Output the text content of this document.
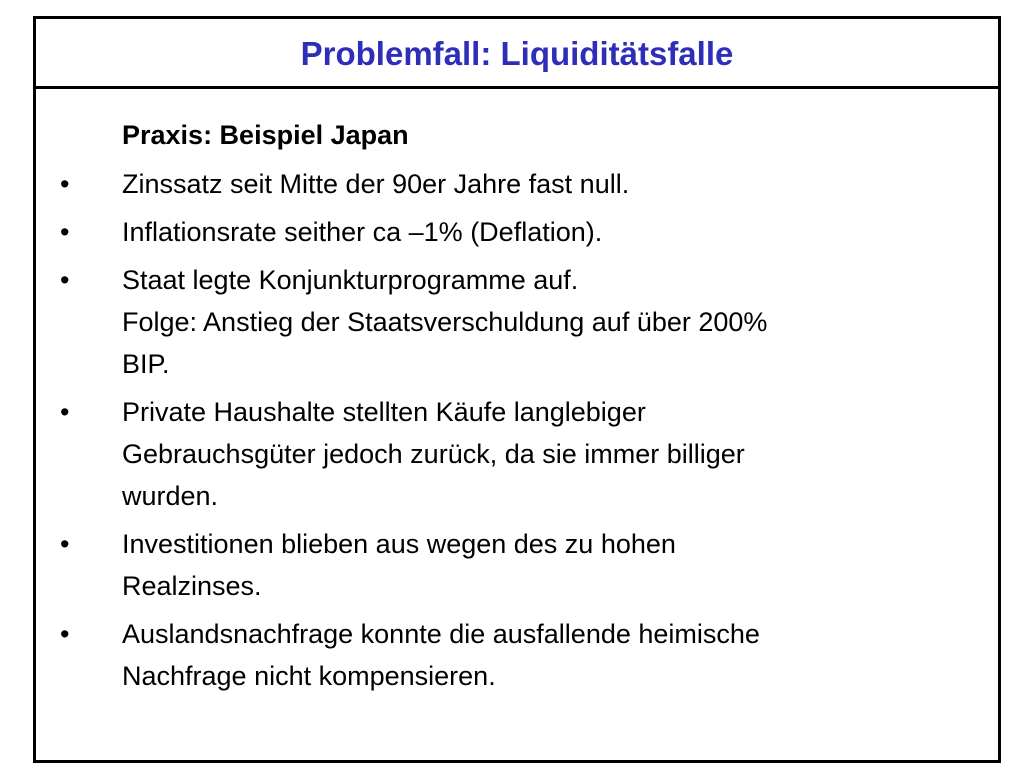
Problemfall: Liquiditätsfalle
Praxis: Beispiel Japan
• Zinssatz seit Mitte der 90er Jahre fast null.
• Inflationsrate seither ca –1% (Deflation).
• Staat legte Konjunkturprogramme auf.
Folge: Anstieg der Staatsverschuldung auf über 200%
BIP.
• Private Haushalte stellten Käufe langlebiger
Gebrauchsgüter jedoch zurück, da sie immer billiger
wurden.
• Investitionen blieben aus wegen des zu hohen
Realzinses.
• Auslandsnachfrage konnte die ausfallende heimische
Nachfrage nicht kompensieren.
